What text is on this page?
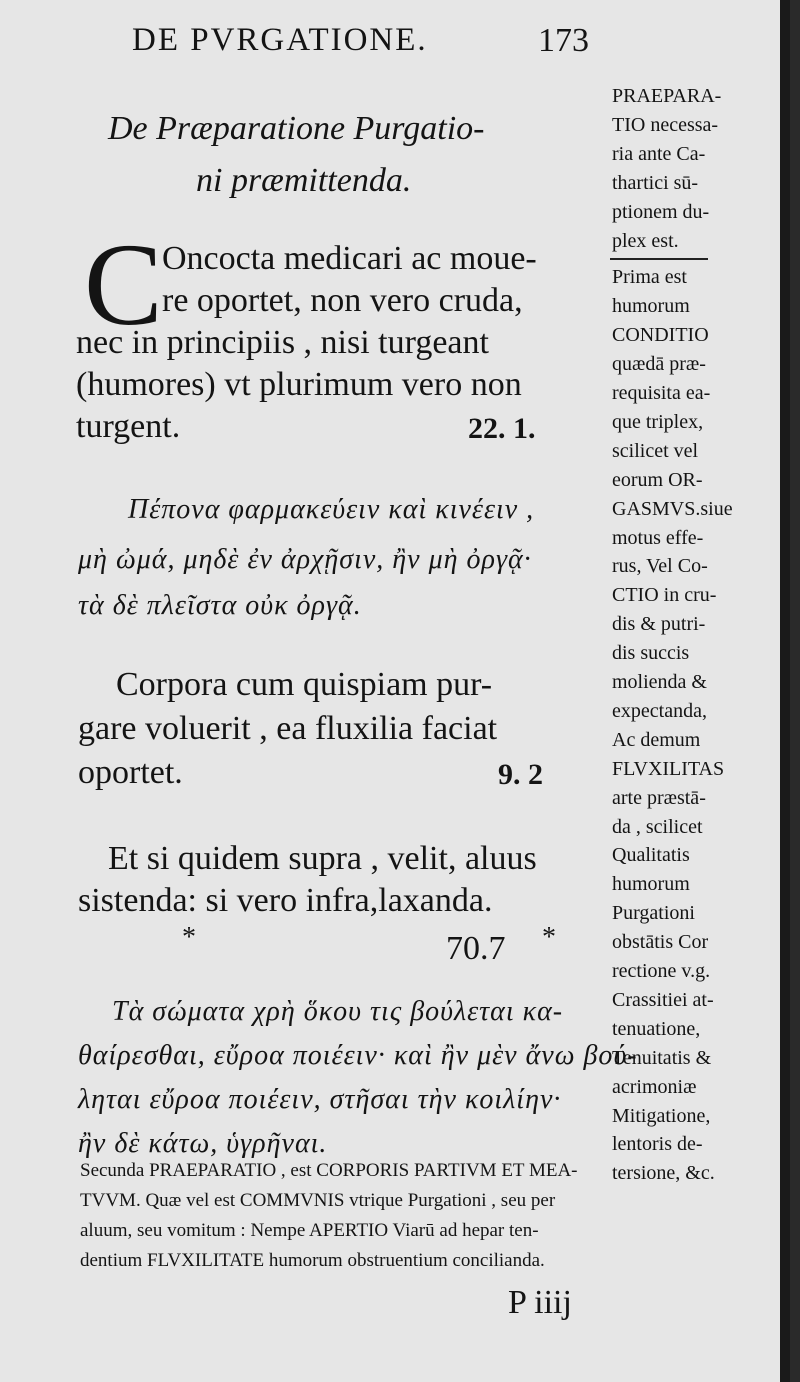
DE PVRGATIONE.	173
De Præparatione Purgatio-
ni præmittenda.
C Oncocta medicari ac moue-
re oportet, non vero cruda,
nec in principiis , nisi turgeant
(humores) vt plurimum vero non
turgent.	22. 1.
Πέπονα φαρμακεύειν καὶ κινέειν ,
μὴ ὠμά, μηδὲ ἐν ἀρχῇσιν, ἢν μὴ ὀργᾷ·
τὰ δὲ πλεῖστα οὐκ ὀργᾷ.
Corpora cum quispiam pur-
gare voluerit , ea fluxilia faciat
oportet.	9. 2
Et si quidem supra , velit, aluus
sistenda: si vero infra,laxanda.
*	70.7 *
Τὰ σώματα χρὴ ὅκου τις βούλεται κα-
θαίρεσθαι, εὔροα ποιέειν· καὶ ἢν μὲν ἄνω βού-
ληται εὔροα ποιέειν, στῆσαι τὴν κοιλίην·
ἢν δὲ κάτω, ὑγρῆναι.
PRAEPARA-
TIO necessa-
ria ante Ca-
thartici sū-
ptionem du-
plex est.
Prima est
humorum
CONDITIO
quædā præ-
requisita ea-
que triplex,
scilicet vel
eorum OR-
GASMVS.siue
motus effe-
rus, Vel Co-
CTIO in cru-
dis & putri-
dis succis
molienda &
expectanda,
Ac demum
FLVXILITAS
arte præstā-
da , scilicet
Qualitatis
humorum
Purgationi
obstātis Cor
rectione v.g.
Crassitiei at-
tenuatione,
Tenuitatis &
acrimoniæ
Mitigatione,
lentoris de-
tersione, &c.
Secunda PRAEPARATIO , est CORPORIS PARTIVM ET MEA-
TVVM. Quæ vel est COMMVNIS vtrique Purgationi , seu per
aluum, seu vomitum : Nempe APERTIO Viarū ad hepar ten-
dentium FLVXILITATE humorum obstruentium concilianda.
P iiij
